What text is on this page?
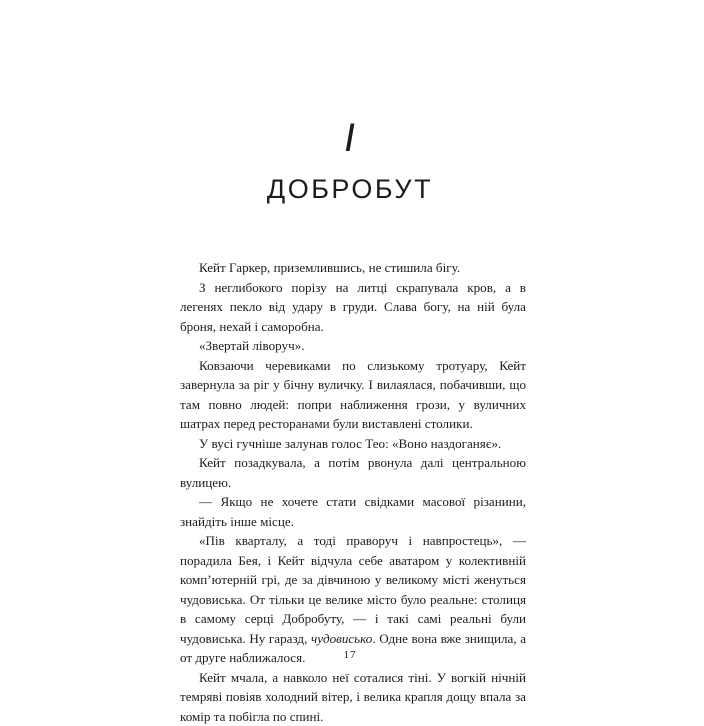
I
ДОБРОБУТ

Кейт Гаркер, приземлившись, не стишила бігу.

З неглибокого порізу на литці скрапувала кров, а в легенях пекло від удару в груди. Слава богу, на ній була броня, нехай і саморобна.

«Звертай ліворуч».

Ковзаючи черевиками по слизькому тротуару, Кейт завернула за ріг у бічну вуличку. І вилаялася, побачивши, що там повно людей: попри наближення грози, у вуличних шатрах перед ресторанами були виставлені столики.

У вусі гучніше залунав голос Тео: «Воно наздоганяє».

Кейт позадкувала, а потім рвонула далі центральною вулицею.

— Якщо не хочете стати свідками масової різанини, знайдіть інше місце.

«Пів кварталу, а тоді праворуч і навпростець», — порадила Бея, і Кейт відчула себе аватаром у колективній комп’ютерній грі, де за дівчиною у великому місті женуться чудовиська. От тільки це велике місто було реальне: столиця в самому серці Добробуту, — і такі самі реальні були чудовиська. Ну гаразд, чудовисько. Одне вона вже знищила, а от друге наближалося.

Кейт мчала, а навколо неї соталися тіні. У вогкій нічній темряві повіяв холодний вітер, і велика крапля дощу впала за комір та побігла по спині.

17
